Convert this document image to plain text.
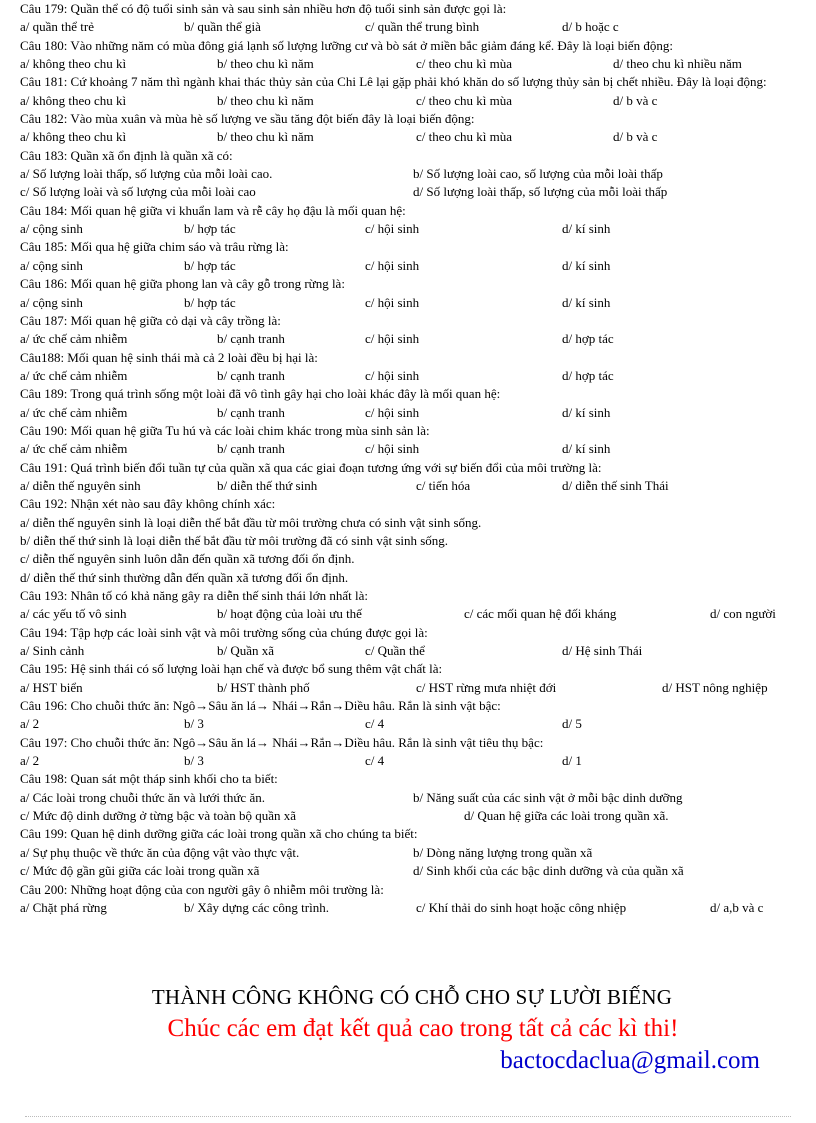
Câu 179: Quần thể có độ tuổi sinh sản và sau sinh sản nhiều hơn độ tuổi sinh sản được gọi là:
a/ quần thể trẻ	b/ quần thể già	c/ quần thể trung bình	d/ b hoặc c
Câu 180: Vào những năm có mùa đông giá lạnh số lượng lưỡng cư và bò sát ở miền bắc giảm đáng kể. Đây là loại biến động:
a/ không theo chu kì	b/ theo chu kì năm	c/ theo chu kì mùa	d/ theo chu kì nhiều năm
Câu 181: Cứ khoảng 7 năm thì ngành khai thác thủy sản của Chi Lê lại gặp phải khó khăn do số lượng thủy sản bị chết nhiều. Đây là loại động:
a/ không theo chu kì	b/ theo chu kì năm	c/ theo chu kì mùa	d/ b và c
Câu 182: Vào mùa xuân và mùa hè số lượng ve sầu tăng đột biến đây là loại biến động:
a/ không theo chu kì	b/ theo chu kì năm	c/ theo chu kì mùa	d/ b và c
Câu 183: Quần xã ổn định là quần xã có:
a/ Số lượng loài thấp, số lượng của mỗi loài cao.	b/ Số lượng loài cao, số lượng của mỗi loài thấp
c/ Số lượng loài và số lượng của mỗi loài cao	d/ Số lượng loài thấp, số lượng của mỗi loài thấp
Câu 184: Mối quan hệ giữa vi khuẩn lam và rễ cây họ đậu là mối quan hệ:
a/ cộng sinh	b/ hợp tác	c/ hội sinh	d/ kí sinh
Câu 185: Mối qua hệ giữa chim sáo và trâu rừng là:
a/ cộng sinh	b/ hợp tác	c/ hội sinh	d/ kí sinh
Câu 186: Mối quan hệ giữa phong lan và cây gỗ trong rừng là:
a/ cộng sinh	b/ hợp tác	c/ hội sinh	d/ kí sinh
Câu 187: Mối quan hệ giữa cỏ dại và cây trồng là:
a/ ức chế cảm nhiễm	b/ cạnh tranh	c/ hội sinh	d/ hợp tác
Câu188: Mối quan hệ sinh thái mà cả 2 loài đều bị hại là:
a/ ức chế cảm nhiễm	b/ cạnh tranh	c/ hội sinh	d/ hợp tác
Câu 189: Trong quá trình sống một loài đã vô tình gây hại cho loài khác đây là mối quan hệ:
a/ ức chế cảm nhiễm	b/ cạnh tranh	c/ hội sinh	d/ kí sinh
Câu 190: Mối quan hệ giữa Tu hú và các loài chim khác trong mùa sinh sản là:
a/ ức chế cảm nhiễm	b/ cạnh tranh	c/ hội sinh	d/ kí sinh
Câu 191: Quá trình biến đổi tuần tự của quần xã qua các giai đoạn tương ứng với sự biến đổi của môi trường là:
a/ diễn thế nguyên sinh	b/ diễn thế thứ sinh	c/ tiến hóa	d/ diễn thế sinh Thái
Câu 192: Nhận xét nào sau đây không chính xác:
a/ diễn thế nguyên sinh là loại diễn thế bắt đầu từ môi trường chưa có sinh vật sinh sống.
b/ diễn thế thứ sinh là loại diễn thế bắt đầu từ môi trường đã có sinh vật sinh sống.
c/ diễn thế nguyên sinh luôn dẫn đến quần xã tương đối ổn định.
d/ diễn thế thứ sinh thường dẫn đến quần xã tương đối ổn định.
Câu 193: Nhân tố có khả năng gây ra diễn thế sinh thái lớn nhất là:
a/ các yếu tố vô sinh	b/ hoạt động của loài ưu thế	c/ các mối quan hệ đối kháng	d/ con người
Câu 194: Tập hợp các loài sinh vật và môi trường sống của chúng được gọi là:
a/ Sinh cảnh	b/ Quần xã	c/ Quần thể	d/ Hệ sinh Thái
Câu 195: Hệ sinh thái có số lượng loài hạn chế và được bổ sung thêm vật chất là:
a/ HST biển	b/ HST thành phố	c/ HST rừng mưa nhiệt đới	d/ HST nông nghiệp
Câu 196: Cho chuỗi thức ăn: Ngô→Sâu ăn lá→ Nhái→Rắn→Diều hâu. Rắn là sinh vật bậc:
a/ 2	b/ 3	c/ 4	d/ 5
Câu 197: Cho chuỗi thức ăn: Ngô→Sâu ăn lá→ Nhái→Rắn→Diều hâu. Rắn là sinh vật tiêu thụ bậc:
a/ 2	b/ 3	c/ 4	d/ 1
Câu 198: Quan sát một tháp sinh khối cho ta biết:
a/ Các loài trong chuỗi thức ăn và lưới thức ăn.	b/ Năng suất của các sinh vật ở mỗi bậc dinh dưỡng
c/ Mức độ dinh dưỡng ở từng bậc và toàn bộ quần xã	d/ Quan hệ giữa các loài trong quần xã.
Câu 199: Quan hệ dinh dưỡng giữa các loài trong quần xã cho chúng ta biết:
a/ Sự phụ thuộc về thức ăn của động vật vào thực vật.	b/ Dòng năng lượng trong quần xã
c/ Mức độ gần gũi giữa các loài trong quần xã	d/ Sinh khối của các bậc dinh dưỡng và của quần xã
Câu 200: Những hoạt động của con người gây ô nhiễm môi trường là:
a/ Chặt phá rừng	b/ Xây dựng các công trình.	c/ Khí thải do sinh hoạt hoặc công nhiệp	d/ a,b và c
THÀNH CÔNG KHÔNG CÓ CHỖ CHO SỰ LƯỜI BIẾNG
Chúc các em đạt kết quả cao trong tất cả các kì thi!
bactocdaclua@gmail.com
